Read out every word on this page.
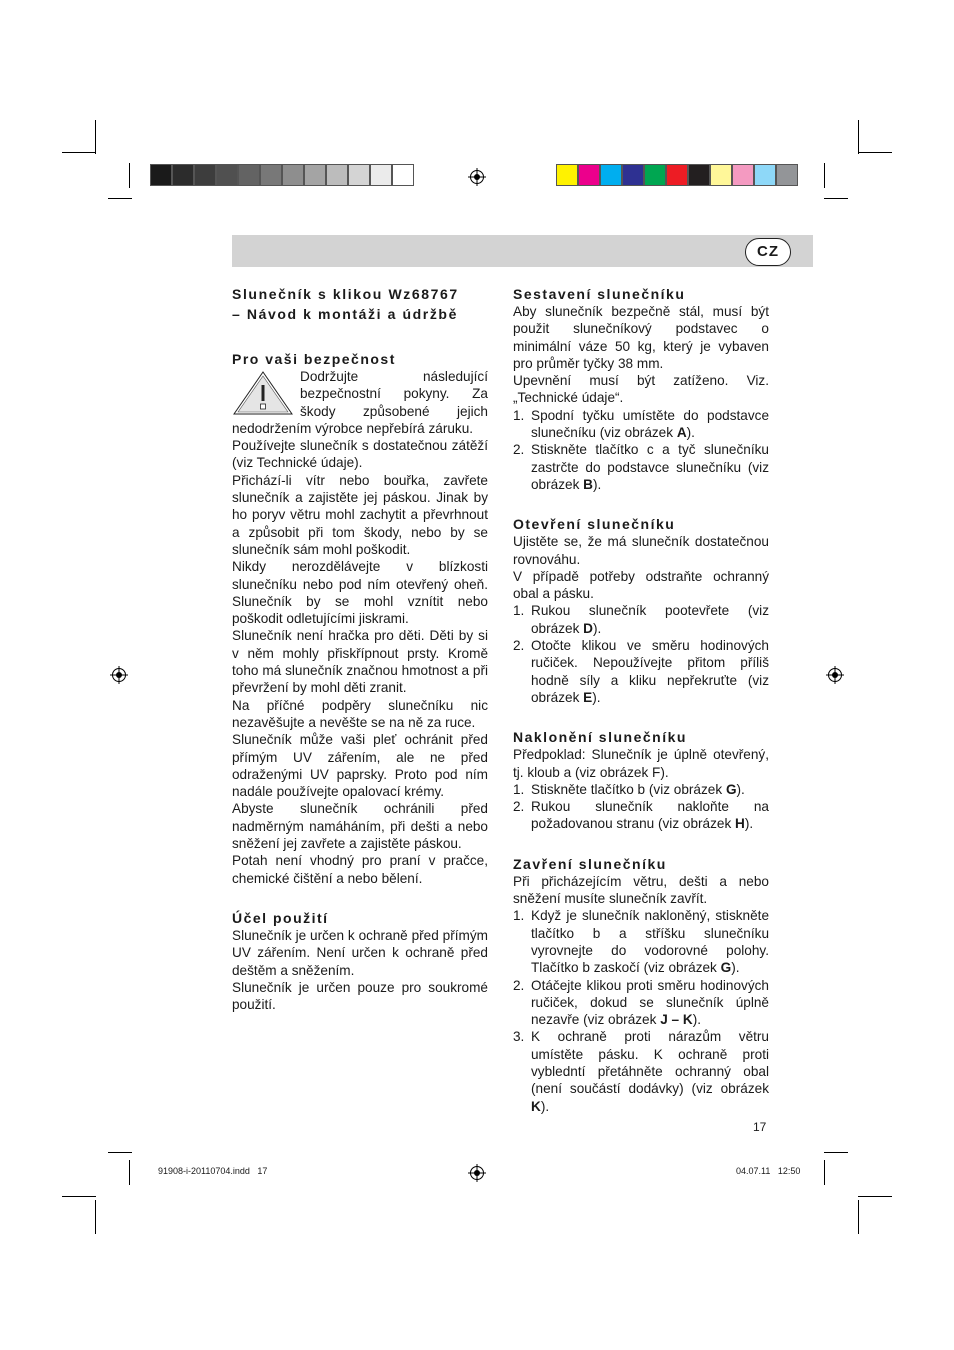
CZ
Slunečník s klikou Wz68767
– Návod k montáži a údržbě
Pro vaši bezpečnost

Dodržujte následující bezpečnostní pokyny. Za škody způsobené jejich nedodržením výrobce nepřebírá záruku.

Používejte slunečník s dostatečnou zátěží (viz Technické údaje).

Přichází-li vítr nebo bouřka, zavřete slunečník a zajistěte jej páskou. Jinak by ho poryv větru mohl zachytit a převrhnout a způsobit při tom škody, nebo by se slunečník sám mohl poškodit.

Nikdy nerozdělávejte v blízkosti slunečníku nebo pod ním otevřený oheň. Slunečník by se mohl vznítit nebo poškodit odletujícími jiskrami.

Slunečník není hračka pro děti. Děti by si v něm mohly přiskřípnout prsty. Kromě toho má slunečník značnou hmotnost a při převržení by mohl děti zranit.

Na příčné podpěry slunečníku nic nezavěšujte a nevěšte se na ně za ruce.

Slunečník může vaši pleť ochránit před přímým UV zářením, ale ne před odraženými UV paprsky. Proto pod ním nadále používejte opalovací krémy.

Abyste slunečník ochránili před nadměrným namáháním, při dešti a nebo sněžení jej zavřete a zajistěte páskou.

Potah není vhodný pro praní v pračce, chemické čištění a nebo bělení.

Účel použití

Slunečník je určen k ochraně před přímým UV zářením. Není určen k ochraně před deštěm a sněžením.

Slunečník je určen pouze pro soukromé použití.

Sestavení slunečníku

Aby slunečník bezpečně stál, musí být použit slunečníkový podstavec o minimální váze 50 kg, který je vybaven pro průměr tyčky 38 mm.

Upevnění musí být zatíženo. Viz. „Technické údaje“.

1. Spodní tyčku umístěte do podstavce slunečníku (viz obrázek A).
2. Stiskněte tlačítko c a tyč slunečníku zastrčte do podstavce slunečníku (viz obrázek B).
Otevření slunečníku

Ujistěte se, že má slunečník dostatečnou rovnováhu.

V případě potřeby odstraňte ochranný obal a pásku.

1. Rukou slunečník pootevřete (viz obrázek D).
2. Otočte klikou ve směru hodinových ručiček. Nepoužívejte přitom příliš hodně síly a kliku nepřekruťte (viz obrázek E).
Naklonění slunečníku

Předpoklad: Slunečník je úplně otevřený, tj. kloub a (viz obrázek F).

1. Stiskněte tlačítko b (viz obrázek G).
2. Rukou slunečník nakloňte na požadovanou stranu (viz obrázek H).
Zavření slunečníku

Při přicházejícím větru, dešti a nebo sněžení musíte slunečník zavřít.

1. Když je slunečník nakloněný, stiskněte tlačítko b a stříšku slunečníku vyrovnejte do vodorovné polohy. Tlačítko b zaskočí (viz obrázek G).
2. Otáčejte klikou proti směru hodinových ručiček, dokud se slunečník úplně nezavře (viz obrázek J – K).
3. K ochraně proti nárazům větru umístěte pásku. K ochraně proti vybledntí přetáhněte ochranný obal (není součástí dodávky) (viz obrázek K).
17
91908-i-20110704.indd   17	04.07.11   12:50
